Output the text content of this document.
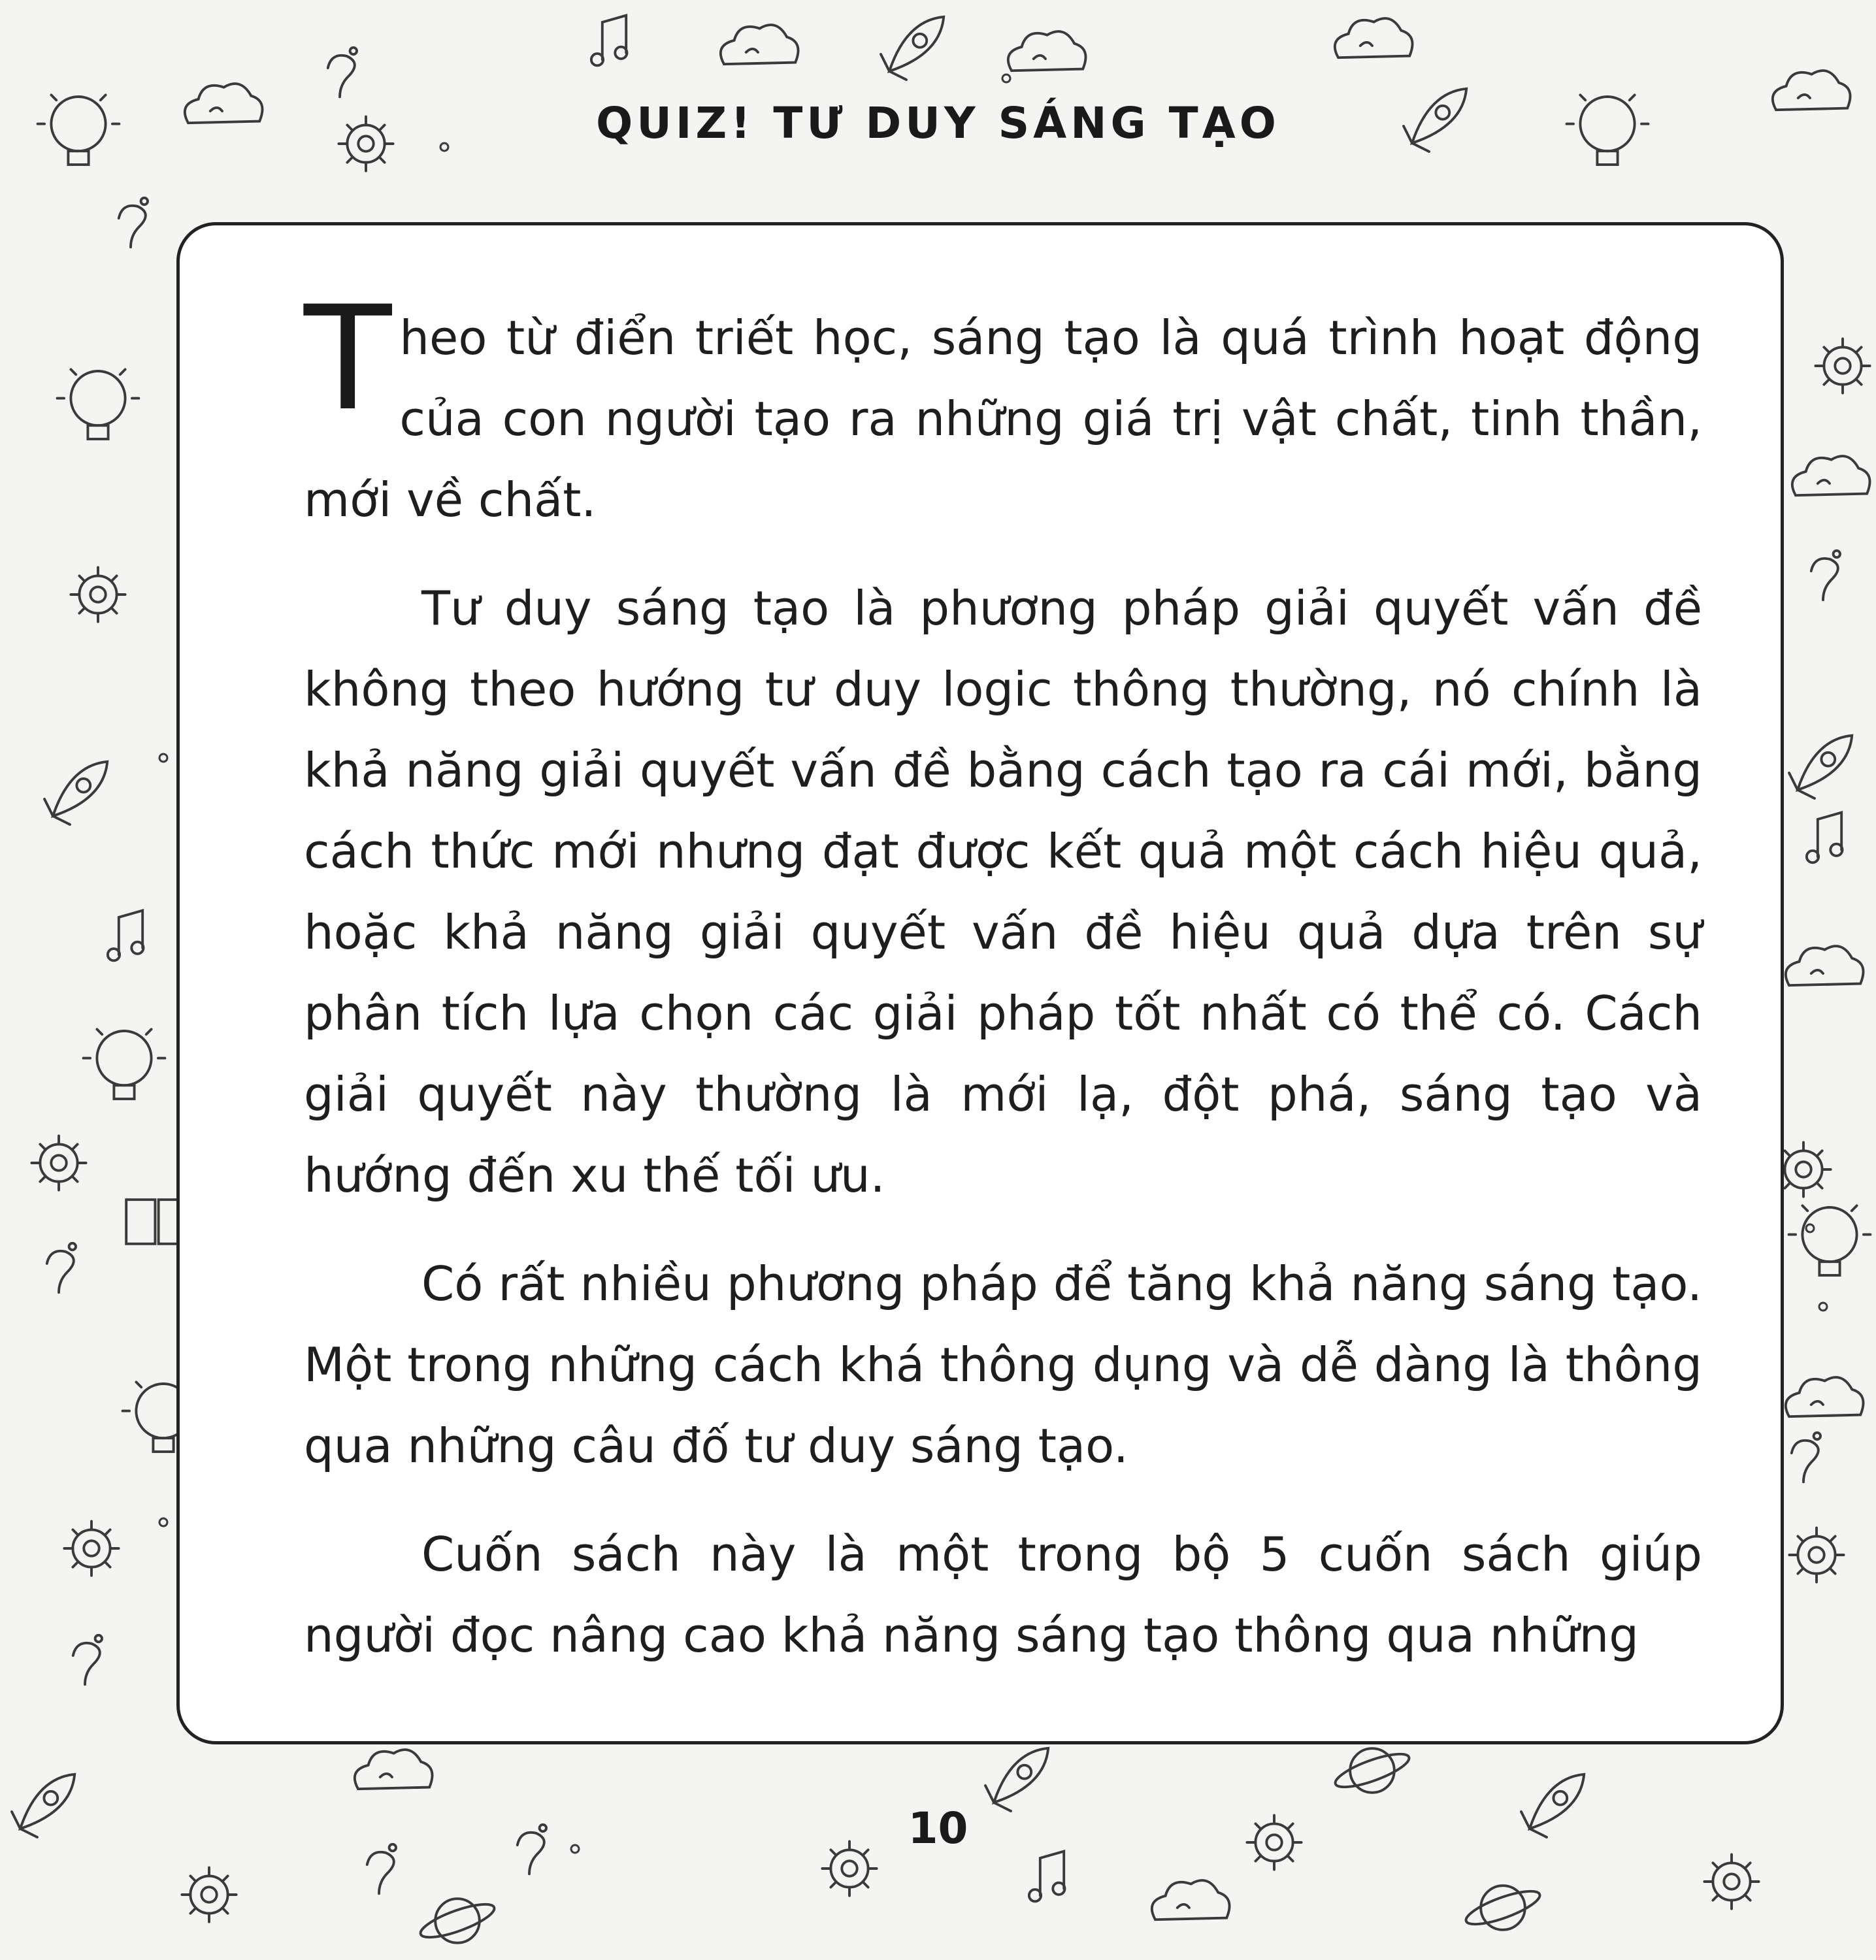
QUIZ! TƯ DUY SÁNG TẠO

Theo từ điển triết học, sáng tạo là quá trình hoạt động của con người tạo ra những giá trị vật chất, tinh thần, mới về chất.

Tư duy sáng tạo là phương pháp giải quyết vấn đề không theo hướng tư duy logic thông thường, nó chính là khả năng giải quyết vấn đề bằng cách tạo ra cái mới, bằng cách thức mới nhưng đạt được kết quả một cách hiệu quả, hoặc khả năng giải quyết vấn đề hiệu quả dựa trên sự phân tích lựa chọn các giải pháp tốt nhất có thể có. Cách giải quyết này thường là mới lạ, đột phá, sáng tạo và hướng đến xu thế tối ưu.

Có rất nhiều phương pháp để tăng khả năng sáng tạo. Một trong những cách khá thông dụng và dễ dàng là thông qua những câu đố tư duy sáng tạo.

Cuốn sách này là một trong bộ 5 cuốn sách giúp người đọc nâng cao khả năng sáng tạo thông qua những

10
